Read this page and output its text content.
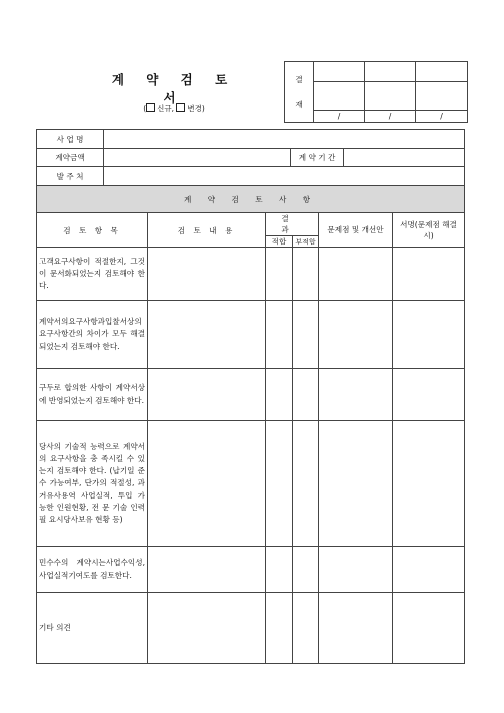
계 약 검 토 서
( 신규, 변경)
결
재			

	/	/	/
사 업 명			
계약금액		계 약 기 간	
발 주 처			
계 약 검 토 사 항					
검 토 항 목	검 토 내 용	결 과		문제점 및 개선안	서명(문제점 해결시)
		적합	부적합		
고객요구사항이 적절한지, 그것이 문서화되었는지 검토해야 한다.					
계약서의요구사항과입찰서상의요구사항간의 차이가 모두 해결되었는지 검토해야 한다.					
구두로 합의한 사항이 계약서상에 반영되었는지 검토해야 한다.					
당사의 기술적 능력으로 계약서 의 요구사항을 충 족시킬 수 있는지 검토해야 한다. (납기일 준수 가능여부, 단가의 적절성, 과거유사용역 사업실적, 투입 가 능한 인원현황, 전 문 기술 인력 필 요시당사보유 현황 등)					
민수수의 계약시는사업수익성, 사업실적기여도를 검토한다.					
기타 의견					
